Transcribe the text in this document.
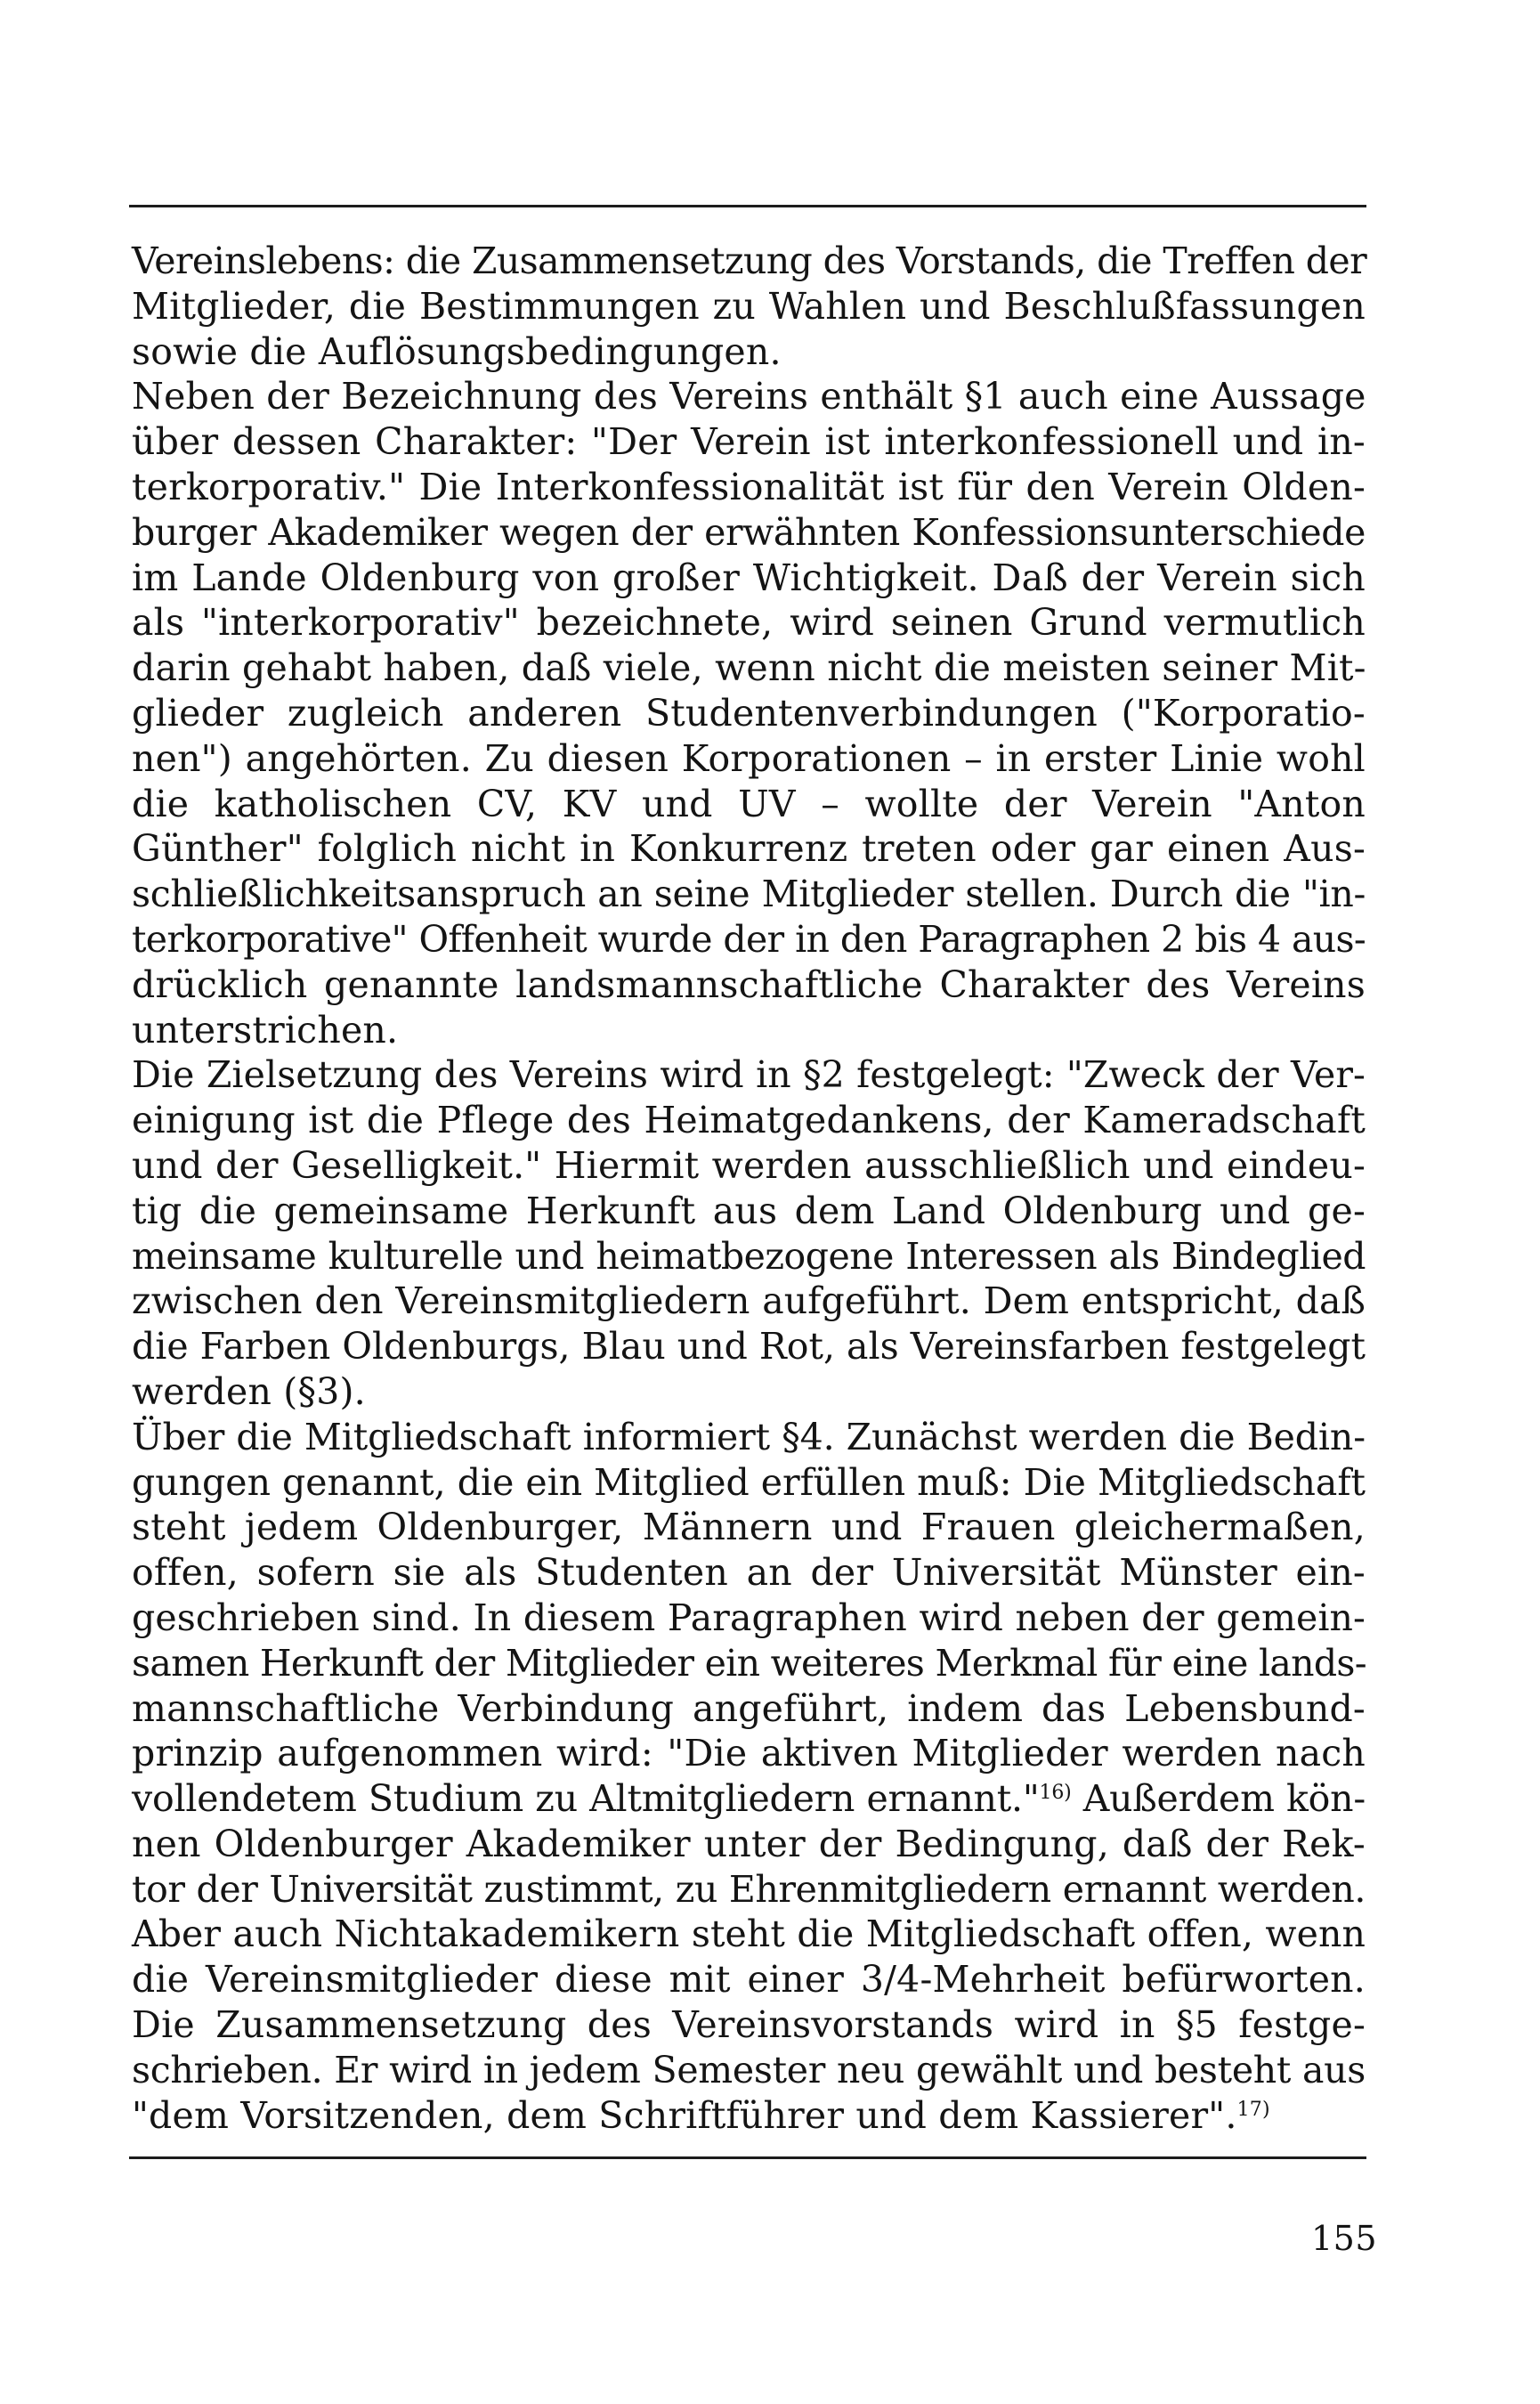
Vereinslebens: die Zusammensetzung des Vorstands, die Treffen der
Mitglieder, die Bestimmungen zu Wahlen und Beschlußfassungen
sowie die Auflösungsbedingungen.
Neben der Bezeichnung des Vereins enthält §1 auch eine Aussage
über dessen Charakter: "Der Verein ist interkonfessionell und in-
terkorporativ." Die Interkonfessionalität ist für den Verein Olden-
burger Akademiker wegen der erwähnten Konfessionsunterschiede
im Lande Oldenburg von großer Wichtigkeit. Daß der Verein sich
als "interkorporativ" bezeichnete, wird seinen Grund vermutlich
darin gehabt haben, daß viele, wenn nicht die meisten seiner Mit-
glieder zugleich anderen Studentenverbindungen ("Korporatio-
nen") angehörten. Zu diesen Korporationen – in erster Linie wohl
die katholischen CV, KV und UV – wollte der Verein "Anton
Günther" folglich nicht in Konkurrenz treten oder gar einen Aus-
schließlichkeitsanspruch an seine Mitglieder stellen. Durch die "in-
terkorporative" Offenheit wurde der in den Paragraphen 2 bis 4 aus-
drücklich genannte landsmannschaftliche Charakter des Vereins
unterstrichen.
Die Zielsetzung des Vereins wird in §2 festgelegt: "Zweck der Ver-
einigung ist die Pflege des Heimatgedankens, der Kameradschaft
und der Geselligkeit." Hiermit werden ausschließlich und eindeu-
tig die gemeinsame Herkunft aus dem Land Oldenburg und ge-
meinsame kulturelle und heimatbezogene Interessen als Bindeglied
zwischen den Vereinsmitgliedern aufgeführt. Dem entspricht, daß
die Farben Oldenburgs, Blau und Rot, als Vereinsfarben festgelegt
werden (§3).
Über die Mitgliedschaft informiert §4. Zunächst werden die Bedin-
gungen genannt, die ein Mitglied erfüllen muß: Die Mitgliedschaft
steht jedem Oldenburger, Männern und Frauen gleichermaßen,
offen, sofern sie als Studenten an der Universität Münster ein-
geschrieben sind. In diesem Paragraphen wird neben der gemein-
samen Herkunft der Mitglieder ein weiteres Merkmal für eine lands-
mannschaftliche Verbindung angeführt, indem das Lebensbund-
prinzip aufgenommen wird: "Die aktiven Mitglieder werden nach
vollendetem Studium zu Altmitgliedern ernannt."$^{16)}$ Außerdem kön-
nen Oldenburger Akademiker unter der Bedingung, daß der Rek-
tor der Universität zustimmt, zu Ehrenmitgliedern ernannt werden.
Aber auch Nichtakademikern steht die Mitgliedschaft offen, wenn
die Vereinsmitglieder diese mit einer 3/4-Mehrheit befürworten.
Die Zusammensetzung des Vereinsvorstands wird in §5 festge-
schrieben. Er wird in jedem Semester neu gewählt und besteht aus
"dem Vorsitzenden, dem Schriftführer und dem Kassierer".$^{17)}$
155
